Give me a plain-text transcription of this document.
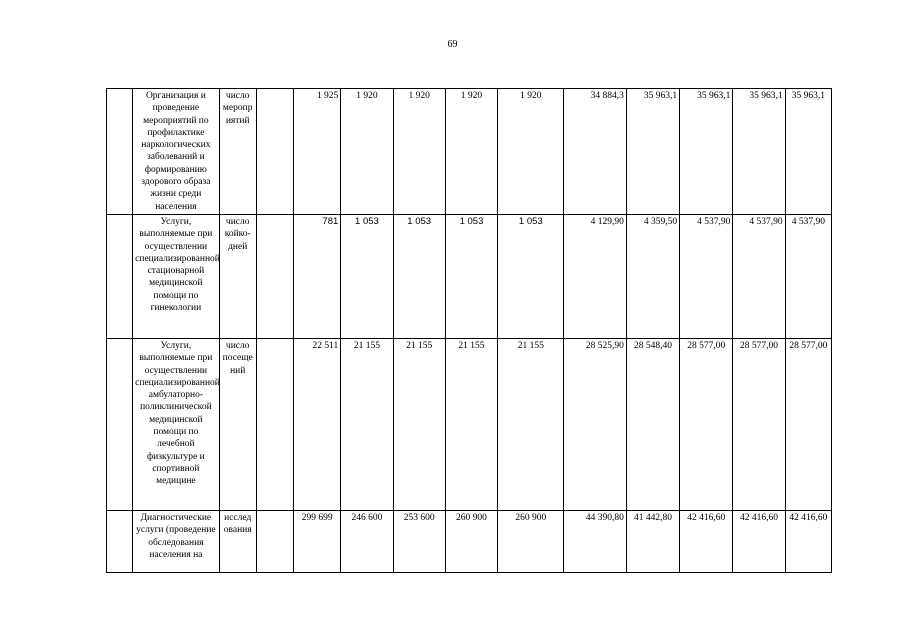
69
	Организация и проведение мероприятий по профилактике наркологических заболеваний и формированию здорового образа жизни среди населения	число меропр иятий		1 925	1 920	1 920	1 920	1 920	34 884,3	35 963,1	35 963,1	35 963,1	35 963,1
	Услуги, выполняемые при осуществлении специализированной стационарной медицинской помощи по гинекологии	число койко-дней		781	1 053	1 053	1 053	1 053	4 129,90	4 359,50	4 537,90	4 537,90	4 537,90
	Услуги, выполняемые при осуществлении специализированной амбулаторно-поликлинической медицинской помощи по лечебной физкультуре и спортивной медицине	число посеще ний		22 511	21 155	21 155	21 155	21 155	28 525,90	28 548,40	28 577,00	28 577,00	28 577,00
	Диагностические услуги (проведение обследования населения на	исслед ования		299 699	246 600	253 600	260 900	260 900	44 390,80	41 442,80	42 416,60	42 416,60	42 416,60
